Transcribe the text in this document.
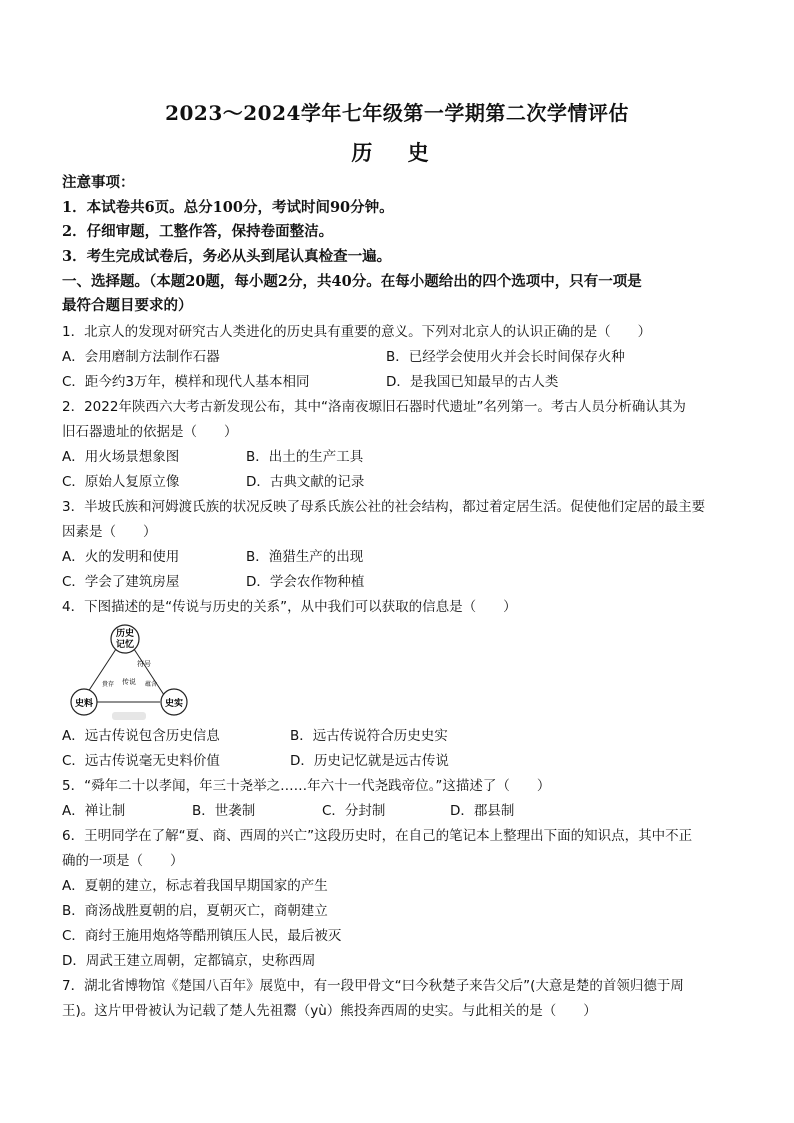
2023～2024学年七年级第一学期第二次学情评估
历 史
注意事项：
1．本试卷共6页。总分100分，考试时间90分钟。
2．仔细审题，工整作答，保持卷面整洁。
3．考生完成试卷后，务必从头到尾认真检查一遍。
一、选择题。（本题20题，每小题2分，共40分。在每小题给出的四个选项中，只有一项是
最符合题目要求的）
1．北京人的发现对研究古人类进化的历史具有重要的意义。下列对北京人的认识正确的是（　　）
A．会用磨制方法制作石器	B．已经学会使用火并会长时间保存火种
C．距今约3万年，模样和现代人基本相同	D．是我国已知最早的古人类
2．2022年陕西六大考古新发现公布，其中“洛南夜塬旧石器时代遗址”名列第一。考古人员分析确认其为
旧石器遗址的依据是（　　）
A．用火场景想象图	B．出土的生产工具
C．原始人复原立像	D．古典文献的记录
3．半坡氏族和河姆渡氏族的状况反映了母系氏族公社的社会结构，都过着定居生活。促使他们定居的最主要
因素是（　　）
A．火的发明和使用	B．渔猎生产的出现
C．学会了建筑房屋	D．学会农作物种植
4．下图描述的是“传说与历史的关系”，从中我们可以获取的信息是（　　）
历史
记忆
史料	史实
符号
貴存 传说 蕴含
A．远古传说包含历史信息	B．远古传说符合历史史实
C．远古传说毫无史料价值	D．历史记忆就是远古传说
5．“舜年二十以孝闻，年三十尧举之……年六十一代尧践帝位。”这描述了（　　）
A．禅让制	B．世袭制	C．分封制	D．郡县制
6．王明同学在了解“夏、商、西周的兴亡”这段历史时，在自己的笔记本上整理出下面的知识点，其中不正
确的一项是（　　）
A．夏朝的建立，标志着我国早期国家的产生
B．商汤战胜夏朝的启，夏朝灭亡，商朝建立
C．商纣王施用炮烙等酷刑镇压人民，最后被灭
D．周武王建立周朝，定都镐京，史称西周
7．湖北省博物馆《楚国八百年》展览中，有一段甲骨文“曰今秋楚子来告父后”(大意是楚的首领归德于周
王)。这片甲骨被认为记载了楚人先祖鬻（yù）熊投奔西周的史实。与此相关的是（　　）
